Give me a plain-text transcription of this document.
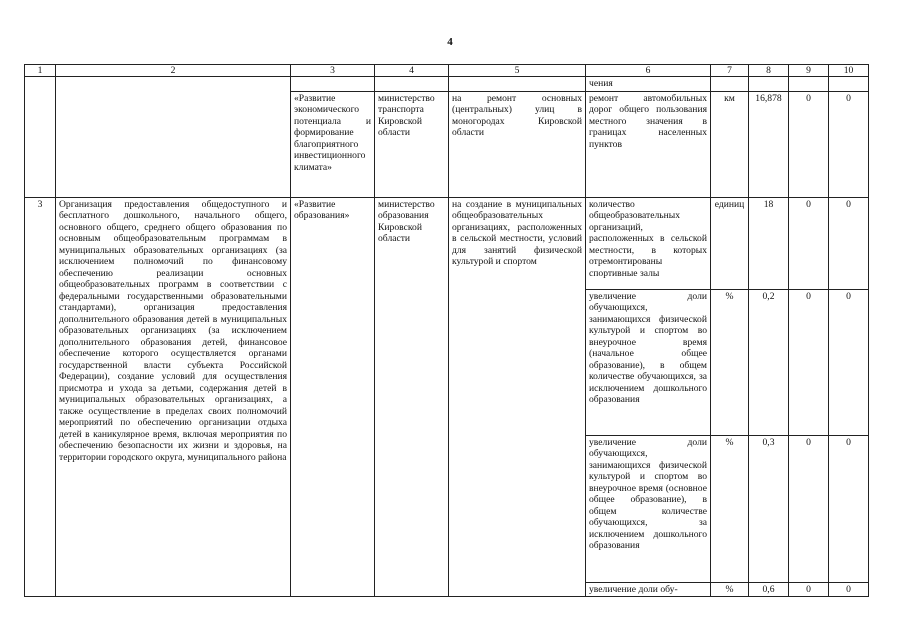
4
1	2	3	4	5	6	7	8	9	10
					чения				
		«Развитие экономического потенциала и формирование благоприятного инвестиционного климата»	министерство транспорта Кировской области	на ремонт основных (центральных) улиц в моногородах Кировской области	ремонт автомобильных дорог общего пользования местного значения в границах населенных пунктов	км	16,878	0	0
3	Организация предоставления общедоступного и бесплатного дошкольного, начального общего, основного общего, среднего общего образования по основным общеобразовательным программам в муниципальных образовательных организациях (за исключением полномочий по финансовому обеспечению реализации основных общеобразовательных программ в соответствии с федеральными государственными образовательными стандартами), организация предоставления дополнительного образования детей в муниципальных образовательных организациях (за исключением дополнительного образования детей, финансовое обеспечение которого осуществляется органами государственной власти субъекта Российской Федерации), создание условий для осуществления присмотра и ухода за детьми, содержания детей в муниципальных образовательных организациях, а также осуществление в пределах своих полномочий мероприятий по обеспечению организации отдыха детей в каникулярное время, включая мероприятия по обеспечению безопасности их жизни и здоровья, на территории городского округа, муниципального района	«Развитие образования»	министерство образования Кировской области	на создание в муниципальных общеобразовательных организациях, расположенных в сельской местности, условий для занятий физической культурой и спортом	количество общеобразовательных организаций, расположенных в сельской местности, в которых отремонтированы спортивные залы	единиц	18	0	0
					увеличение доли обучающихся, занимающихся физической культурой и спортом во внеурочное время (начальное общее образование), в общем количестве обучающихся, за исключением дошкольного образования	%	0,2	0	0
					увеличение доли обучающихся, занимающихся физической культурой и спортом во внеурочное время (основное общее образование), в общем количестве обучающихся, за исключением дошкольного образования	%	0,3	0	0
					увеличение доли обу-	%	0,6	0	0
